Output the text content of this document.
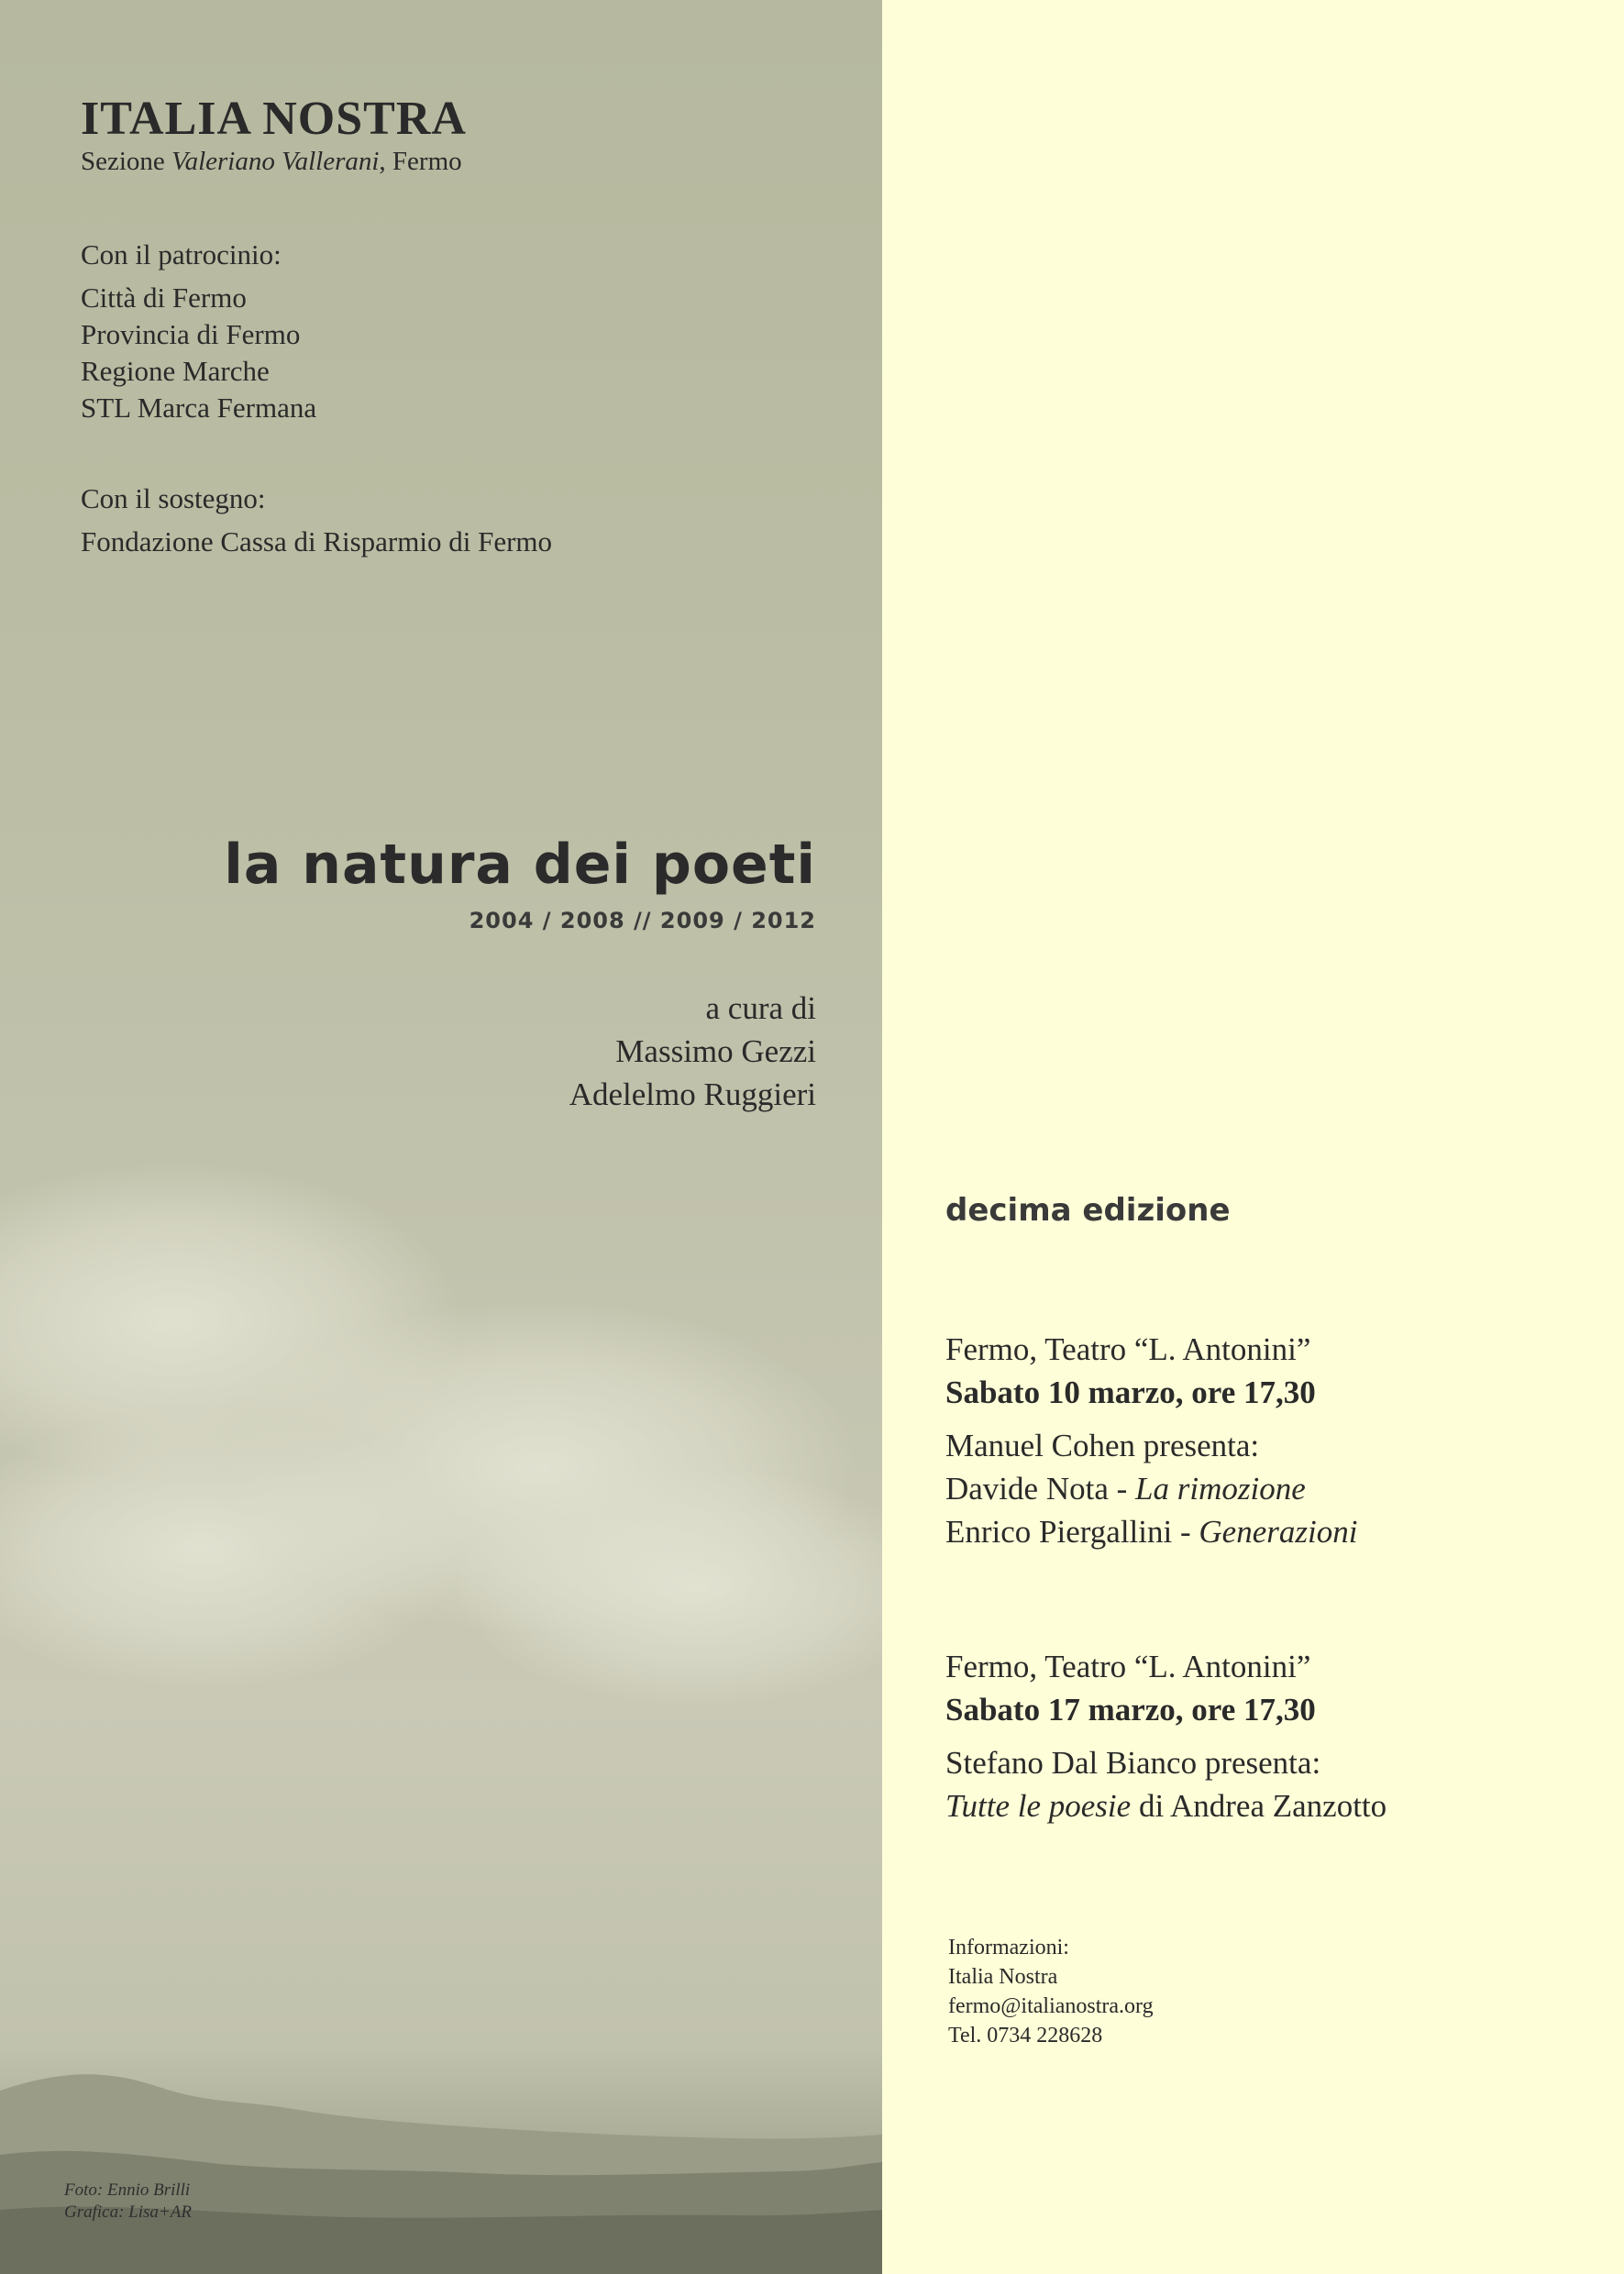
ITALIA NOSTRA
Sezione Valeriano Vallerani, Fermo
Con il patrocinio:
Città di Fermo
Provincia di Fermo
Regione Marche
STL Marca Fermana
Con il sostegno:
Fondazione Cassa di Risparmio di Fermo
la natura dei poeti
2004 / 2008 // 2009 / 2012
a cura di
Massimo Gezzi
Adelelmo Ruggieri
decima edizione
Fermo, Teatro “L. Antonini”
Sabato 10 marzo, ore 17,30
Manuel Cohen presenta:
Davide Nota - La rimozione
Enrico Piergallini - Generazioni
Fermo, Teatro “L. Antonini”
Sabato 17 marzo, ore 17,30
Stefano Dal Bianco presenta:
Tutte le poesie di Andrea Zanzotto
Informazioni:
Italia Nostra
fermo@italianostra.org
Tel. 0734 228628
Foto: Ennio Brilli
Grafica: Lisa+AR
